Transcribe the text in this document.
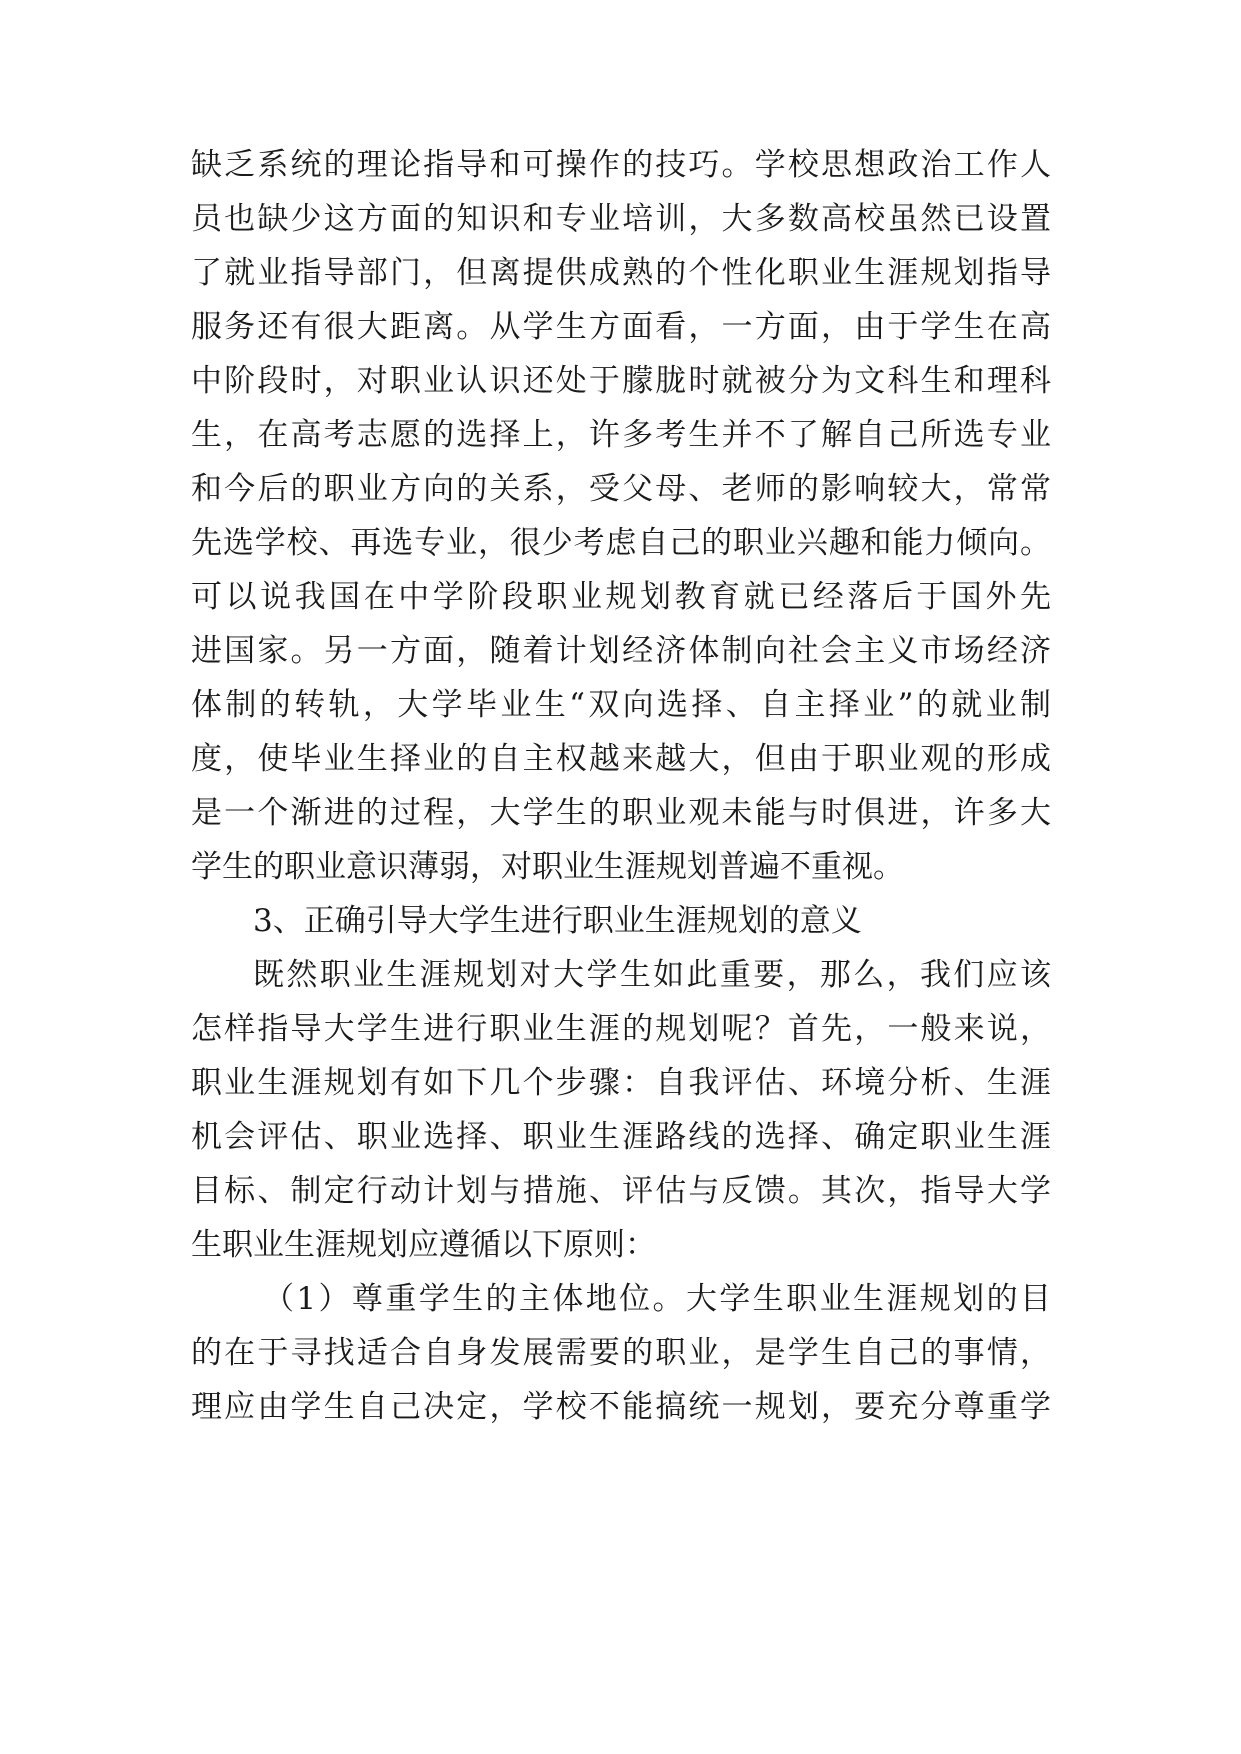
缺乏系统的理论指导和可操作的技巧。学校思想政治工作人
员也缺少这方面的知识和专业培训，大多数高校虽然已设置
了就业指导部门，但离提供成熟的个性化职业生涯规划指导
服务还有很大距离。从学生方面看，一方面，由于学生在高
中阶段时，对职业认识还处于朦胧时就被分为文科生和理科
生，在高考志愿的选择上，许多考生并不了解自己所选专业
和今后的职业方向的关系，受父母、老师的影响较大，常常
先选学校、再选专业，很少考虑自己的职业兴趣和能力倾向。
可以说我国在中学阶段职业规划教育就已经落后于国外先
进国家。另一方面，随着计划经济体制向社会主义市场经济
体制的转轨，大学毕业生“双向选择、自主择业”的就业制
度，使毕业生择业的自主权越来越大，但由于职业观的形成
是一个渐进的过程，大学生的职业观未能与时俱进，许多大
学生的职业意识薄弱，对职业生涯规划普遍不重视。
3、正确引导大学生进行职业生涯规划的意义
既然职业生涯规划对大学生如此重要，那么，我们应该
怎样指导大学生进行职业生涯的规划呢？首先，一般来说，
职业生涯规划有如下几个步骤：自我评估、环境分析、生涯
机会评估、职业选择、职业生涯路线的选择、确定职业生涯
目标、制定行动计划与措施、评估与反馈。其次，指导大学
生职业生涯规划应遵循以下原则：
（1）尊重学生的主体地位。大学生职业生涯规划的目
的在于寻找适合自身发展需要的职业，是学生自己的事情，
理应由学生自己决定，学校不能搞统一规划，要充分尊重学
